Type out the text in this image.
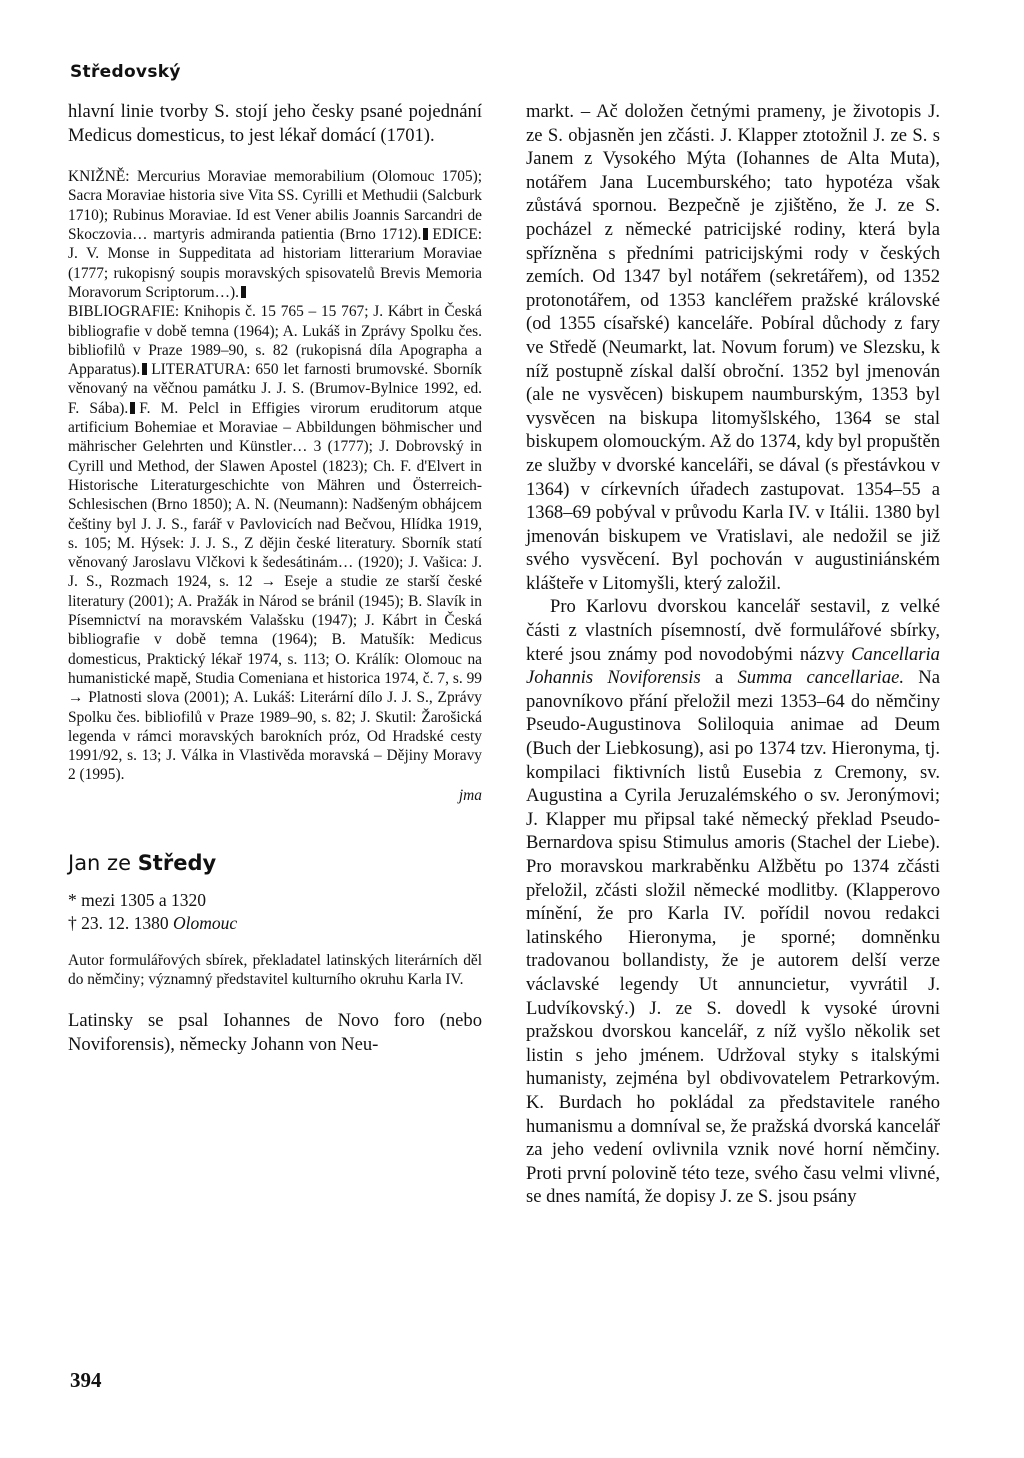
Středovský

hlavní linie tvorby S. stojí jeho česky psané pojednání Medicus domesticus, to jest lékař domácí (1701).

KNIŽNĚ: Mercurius Moraviae memorabilium (Olomouc 1705); Sacra Moraviae historia sive Vita SS. Cyrilli et Methudii (Salcburk 1710); Rubinus Moraviae. Id est Vener abilis Joannis Sarcandri de Skoczovia… martyris admiranda patientia (Brno 1712). EDICE: J. V. Monse in Suppeditata ad historiam litterarium Moraviae (1777; rukopisný soupis moravských spisovatelů Brevis Memoria Moravorum Scriptorum…).
BIBLIOGRAFIE: Knihopis č. 15 765 – 15 767; J. Kábrt in Česká bibliografie v době temna (1964); A. Lukáš in Zprávy Spolku čes. bibliofilů v Praze 1989–90, s. 82 (rukopisná díla Apographa a Apparatus). LITERATURA: 650 let farnosti brumovské. Sborník věnovaný na věčnou památku J. J. S. (Brumov-Bylnice 1992, ed. F. Sába). F. M. Pelcl in Effigies virorum eruditorum atque artificium Bohemiae et Moraviae – Abbildungen böhmischer und mährischer Gelehrten und Künstler… 3 (1777); J. Dobrovský in Cyrill und Method, der Slawen Apostel (1823); Ch. F. d'Elvert in Historische Literaturgeschichte von Mähren und Österreich-Schlesischen (Brno 1850); A. N. (Neumann): Nadšeným obhájcem češtiny byl J. J. S., farář v Pavlovicích nad Bečvou, Hlídka 1919, s. 105; M. Hýsek: J. J. S., Z dějin české literatury. Sborník statí věnovaný Jaroslavu Vlčkovi k šedesátinám… (1920); J. Vašica: J. J. S., Rozmach 1924, s. 12 → Eseje a studie ze starší české literatury (2001); A. Pražák in Národ se bránil (1945); B. Slavík in Písemnictví na moravském Valašsku (1947); J. Kábrt in Česká bibliografie v době temna (1964); B. Matušík: Medicus domesticus, Praktický lékař 1974, s. 113; O. Králík: Olomouc na humanistické mapě, Studia Comeniana et historica 1974, č. 7, s. 99 → Platnosti slova (2001); A. Lukáš: Literární dílo J. J. S., Zprávy Spolku čes. bibliofilů v Praze 1989–90, s. 82; J. Skutil: Žarošická legenda v rámci moravských barokních próz, Od Hradské cesty 1991/92, s. 13; J. Válka in Vlastivěda moravská – Dějiny Moravy 2 (1995).

jma

Jan ze Středy
* mezi 1305 a 1320
† 23. 12. 1380 Olomouc
Autor formulářových sbírek, překladatel latinských literárních děl do němčiny; významný představitel kulturního okruhu Karla IV.
Latinsky se psal Iohannes de Novo foro (nebo Noviforensis), německy Johann von Neu-

markt. – Ač doložen četnými prameny, je životopis J. ze S. objasněn jen zčásti. J. Klapper ztotožnil J. ze S. s Janem z Vysokého Mýta (Iohannes de Alta Muta), notářem Jana Lucemburského; tato hypotéza však zůstává spornou. Bezpečně je zjištěno, že J. ze S. pocházel z německé patricijské rodiny, která byla spřízněna s předními patricijskými rody v českých zemích. Od 1347 byl notářem (sekretářem), od 1352 protonotářem, od 1353 kancléřem pražské královské (od 1355 císařské) kanceláře. Pobíral důchody z fary ve Středě (Neumarkt, lat. Novum forum) ve Slezsku, k níž postupně získal další obroční. 1352 byl jmenován (ale ne vysvěcen) biskupem naumburským, 1353 byl vysvěcen na biskupa litomyšlského, 1364 se stal biskupem olomouckým. Až do 1374, kdy byl propuštěn ze služby v dvorské kanceláři, se dával (s přestávkou v 1364) v církevních úřadech zastupovat. 1354–55 a 1368–69 pobýval v průvodu Karla IV. v Itálii. 1380 byl jmenován biskupem ve Vratislavi, ale nedožil se již svého vysvěcení. Byl pochován v augustiniánském klášteře v Litomyšli, který založil.

Pro Karlovu dvorskou kancelář sestavil, z velké části z vlastních písemností, dvě formulářové sbírky, které jsou známy pod novodobými názvy Cancellaria Johannis Noviforensis a Summa cancellariae. Na panovníkovo přání přeložil mezi 1353–64 do němčiny Pseudo-Augustinova Soliloquia animae ad Deum (Buch der Liebkosung), asi po 1374 tzv. Hieronyma, tj. kompilaci fiktivních listů Eusebia z Cremony, sv. Augustina a Cyrila Jeruzalémského o sv. Jeronýmovi; J. Klapper mu připsal také německý překlad Pseudo-Bernardova spisu Stimulus amoris (Stachel der Liebe). Pro moravskou markraběnku Alžbětu po 1374 zčásti přeložil, zčásti složil německé modlitby. (Klapperovo mínění, že pro Karla IV. pořídil novou redakci latinského Hieronyma, je sporné; domněnku tradovanou bollandisty, že je autorem delší verze václavské legendy Ut annuncietur, vyvrátil J. Ludvíkovský.) J. ze S. dovedl k vysoké úrovni pražskou dvorskou kancelář, z níž vyšlo několik set listin s jeho jménem. Udržoval styky s italskými humanisty, zejména byl obdivovatelem Petrarkovým. K. Burdach ho pokládal za představitele raného humanismu a domníval se, že pražská dvorská kancelář za jeho vedení ovlivnila vznik nové horní němčiny. Proti první polovině této teze, svého času velmi vlivné, se dnes namítá, že dopisy J. ze S. jsou psány

394
